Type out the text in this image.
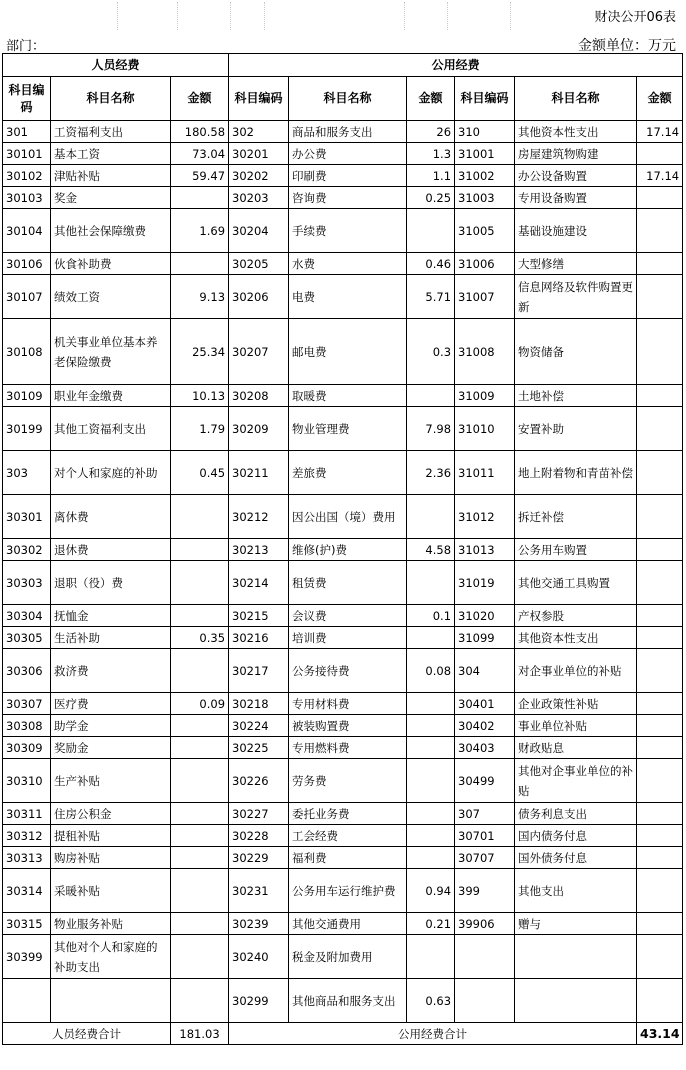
财决公开06表
部门：	金额单位：万元
人员经费			公用经费					
科目编码	科目名称	金额	科目编码	科目名称	金额	科目编码	科目名称	金额
301	工资福利支出	180.58	302	商品和服务支出	26	310	其他资本性支出	17.14
30101	基本工资	73.04	30201	办公费	1.3	31001	房屋建筑物购建	
30102	津贴补贴	59.47	30202	印刷费	1.1	31002	办公设备购置	17.14
30103	奖金		30203	咨询费	0.25	31003	专用设备购置	
30104	其他社会保障缴费	1.69	30204	手续费		31005	基础设施建设	
30106	伙食补助费		30205	水费	0.46	31006	大型修缮	
30107	绩效工资	9.13	30206	电费	5.71	31007	信息网络及软件购置更新	
30108	机关事业单位基本养老保险缴费	25.34	30207	邮电费	0.3	31008	物资储备	
30109	职业年金缴费	10.13	30208	取暖费		31009	土地补偿	
30199	其他工资福利支出	1.79	30209	物业管理费	7.98	31010	安置补助	
303	对个人和家庭的补助	0.45	30211	差旅费	2.36	31011	地上附着物和青苗补偿	
30301	离休费		30212	因公出国（境）费用		31012	拆迁补偿	
30302	退休费		30213	维修(护)费	4.58	31013	公务用车购置	
30303	退职（役）费		30214	租赁费		31019	其他交通工具购置	
30304	抚恤金		30215	会议费	0.1	31020	产权参股	
30305	生活补助	0.35	30216	培训费		31099	其他资本性支出	
30306	救济费		30217	公务接待费	0.08	304	对企事业单位的补贴	
30307	医疗费	0.09	30218	专用材料费		30401	企业政策性补贴	
30308	助学金		30224	被装购置费		30402	事业单位补贴	
30309	奖励金		30225	专用燃料费		30403	财政贴息	
30310	生产补贴		30226	劳务费		30499	其他对企事业单位的补贴	
30311	住房公积金		30227	委托业务费		307	债务利息支出	
30312	提租补贴		30228	工会经费		30701	国内债务付息	
30313	购房补贴		30229	福利费		30707	国外债务付息	
30314	采暖补贴		30231	公务用车运行维护费	0.94	399	其他支出	
30315	物业服务补贴		30239	其他交通费用	0.21	39906	赠与	
30399	其他对个人和家庭的补助支出		30240	税金及附加费用				
			30299	其他商品和服务支出	0.63			
人员经费合计		181.03	公用经费合计					43.14
